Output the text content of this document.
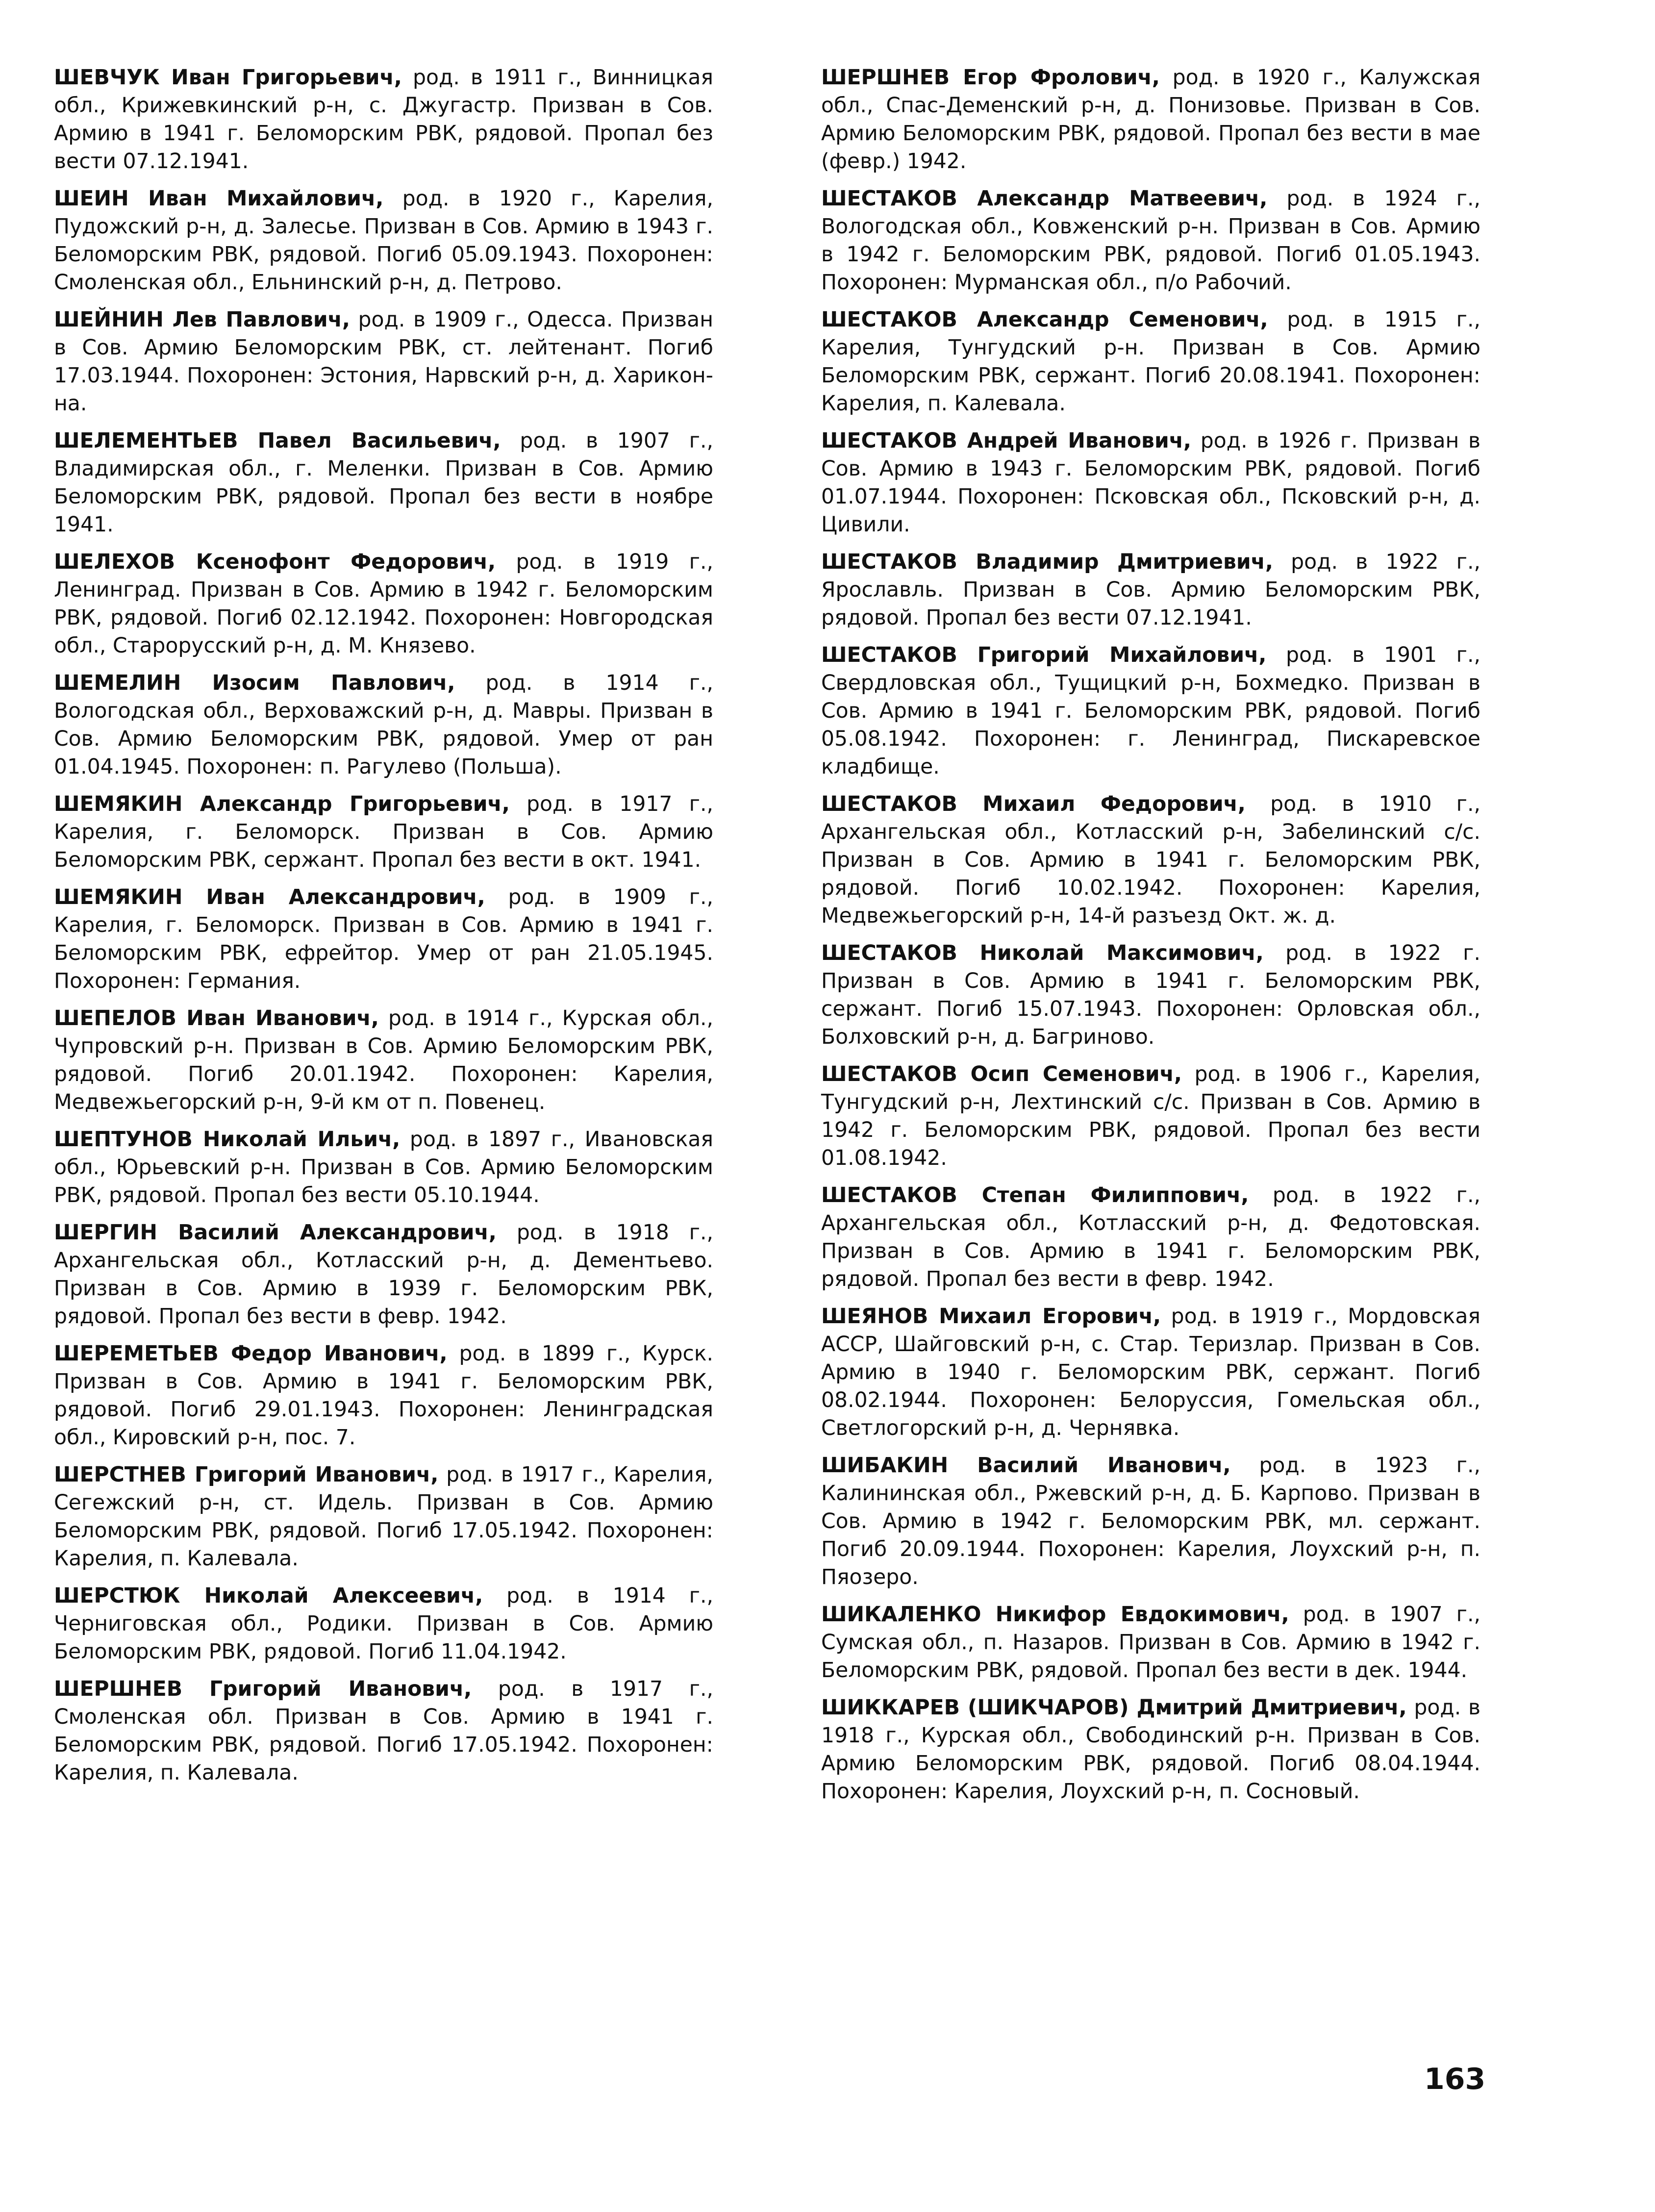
ШЕВЧУК Иван Григорьевич, род. в 1911 г., Винницкая обл., Крижевкинский р-н, с. Джугастр. Призван в Сов. Армию в 1941 г. Беломорским РВК, рядовой. Пропал без вести 07.12.1941.

ШЕИН Иван Михайлович, род. в 1920 г., Карелия, Пудожский р-н, д. Залесье. Призван в Сов. Армию в 1943 г. Беломорским РВК, рядовой. Погиб 05.09.1943. Похоронен: Смоленская обл., Ельнинский р-н, д. Петрово.

ШЕЙНИН Лев Павлович, род. в 1909 г., Одесса. Призван в Сов. Армию Беломорским РВК, ст. лейтенант. Погиб 17.03.1944. Похоронен: Эстония, Нарвский р-н, д. Хариконна.

ШЕЛЕМЕНТЬЕВ Павел Васильевич, род. в 1907 г., Владимирская обл., г. Меленки. Призван в Сов. Армию Беломорским РВК, рядовой. Пропал без вести в ноябре 1941.

ШЕЛЕХОВ Ксенофонт Федорович, род. в 1919 г., Ленинград. Призван в Сов. Армию в 1942 г. Беломорским РВК, рядовой. Погиб 02.12.1942. Похоронен: Новгородская обл., Старорусский р-н, д. М. Князево.

ШЕМЕЛИН Изосим Павлович, род. в 1914 г., Вологодская обл., Верховажский р-н, д. Мавры. Призван в Сов. Армию Беломорским РВК, рядовой. Умер от ран 01.04.1945. Похоронен: п. Рагулево (Польша).

ШЕМЯКИН Александр Григорьевич, род. в 1917 г., Карелия, г. Беломорск. Призван в Сов. Армию Беломорским РВК, сержант. Пропал без вести в окт. 1941.

ШЕМЯКИН Иван Александрович, род. в 1909 г., Карелия, г. Беломорск. Призван в Сов. Армию в 1941 г. Беломорским РВК, ефрейтор. Умер от ран 21.05.1945. Похоронен: Германия.

ШЕПЕЛОВ Иван Иванович, род. в 1914 г., Курская обл., Чупровский р-н. Призван в Сов. Армию Беломорским РВК, рядовой. Погиб 20.01.1942. Похоронен: Карелия, Медвежьегорский р-н, 9-й км от п. Повенец.

ШЕПТУНОВ Николай Ильич, род. в 1897 г., Ивановская обл., Юрьевский р-н. Призван в Сов. Армию Беломорским РВК, рядовой. Пропал без вести 05.10.1944.

ШЕРГИН Василий Александрович, род. в 1918 г., Архангельская обл., Котласский р-н, д. Дементьево. Призван в Сов. Армию в 1939 г. Беломорским РВК, рядовой. Пропал без вести в февр. 1942.

ШЕРЕМЕТЬЕВ Федор Иванович, род. в 1899 г., Курск. Призван в Сов. Армию в 1941 г. Беломорским РВК, рядовой. Погиб 29.01.1943. Похоронен: Ленинградская обл., Кировский р-н, пос. 7.

ШЕРСТНЕВ Григорий Иванович, род. в 1917 г., Карелия, Сегежский р-н, ст. Идель. Призван в Сов. Армию Беломорским РВК, рядовой. Погиб 17.05.1942. Похоронен: Карелия, п. Калевала.

ШЕРСТЮК Николай Алексеевич, род. в 1914 г., Черниговская обл., Родики. Призван в Сов. Армию Беломорским РВК, рядовой. Погиб 11.04.1942.

ШЕРШНЕВ Григорий Иванович, род. в 1917 г., Смоленская обл. Призван в Сов. Армию в 1941 г. Беломорским РВК, рядовой. Погиб 17.05.1942. Похоронен: Карелия, п. Калевала.

ШЕРШНЕВ Егор Фролович, род. в 1920 г., Калужская обл., Спас-Деменский р-н, д. Понизовье. Призван в Сов. Армию Беломорским РВК, рядовой. Пропал без вести в мае (февр.) 1942.

ШЕСТАКОВ Александр Матвеевич, род. в 1924 г., Вологодская обл., Ковженский р-н. Призван в Сов. Армию в 1942 г. Беломорским РВК, рядовой. Погиб 01.05.1943. Похоронен: Мурманская обл., п/о Рабочий.

ШЕСТАКОВ Александр Семенович, род. в 1915 г., Карелия, Тунгудский р-н. Призван в Сов. Армию Беломорским РВК, сержант. Погиб 20.08.1941. Похоронен: Карелия, п. Калевала.

ШЕСТАКОВ Андрей Иванович, род. в 1926 г. Призван в Сов. Армию в 1943 г. Беломорским РВК, рядовой. Погиб 01.07.1944. Похоронен: Псковская обл., Псковский р-н, д. Цивили.

ШЕСТАКОВ Владимир Дмитриевич, род. в 1922 г., Ярославль. Призван в Сов. Армию Беломорским РВК, рядовой. Пропал без вести 07.12.1941.

ШЕСТАКОВ Григорий Михайлович, род. в 1901 г., Свердловская обл., Тущицкий р-н, Бохмедко. Призван в Сов. Армию в 1941 г. Беломорским РВК, рядовой. Погиб 05.08.1942. Похоронен: г. Ленинград, Пискаревское кладбище.

ШЕСТАКОВ Михаил Федорович, род. в 1910 г., Архангельская обл., Котласский р-н, Забелинский с/с. Призван в Сов. Армию в 1941 г. Беломорским РВК, рядовой. Погиб 10.02.1942. Похоронен: Карелия, Медвежьегорский р-н, 14-й разъезд Окт. ж. д.

ШЕСТАКОВ Николай Максимович, род. в 1922 г. Призван в Сов. Армию в 1941 г. Беломорским РВК, сержант. Погиб 15.07.1943. Похоронен: Орловская обл., Болховский р-н, д. Багриново.

ШЕСТАКОВ Осип Семенович, род. в 1906 г., Карелия, Тунгудский р-н, Лехтинский с/с. Призван в Сов. Армию в 1942 г. Беломорским РВК, рядовой. Пропал без вести 01.08.1942.

ШЕСТАКОВ Степан Филиппович, род. в 1922 г., Архангельская обл., Котласский р-н, д. Федотовская. Призван в Сов. Армию в 1941 г. Беломорским РВК, рядовой. Пропал без вести в февр. 1942.

ШЕЯНОВ Михаил Егорович, род. в 1919 г., Мордовская АССР, Шайговский р-н, с. Стар. Теризлар. Призван в Сов. Армию в 1940 г. Беломорским РВК, сержант. Погиб 08.02.1944. Похоронен: Белоруссия, Гомельская обл., Светлогорский р-н, д. Чернявка.

ШИБАКИН Василий Иванович, род. в 1923 г., Калининская обл., Ржевский р-н, д. Б. Карпово. Призван в Сов. Армию в 1942 г. Беломорским РВК, мл. сержант. Погиб 20.09.1944. Похоронен: Карелия, Лоухский р-н, п. Пяозеро.

ШИКАЛЕНКО Никифор Евдокимович, род. в 1907 г., Сумская обл., п. Назаров. Призван в Сов. Армию в 1942 г. Беломорским РВК, рядовой. Пропал без вести в дек. 1944.

ШИККАРЕВ (ШИКЧАРОВ) Дмитрий Дмитриевич, род. в 1918 г., Курская обл., Свободинский р-н. Призван в Сов. Армию Беломорским РВК, рядовой. Погиб 08.04.1944. Похоронен: Карелия, Лоухский р-н, п. Сосновый.

163
